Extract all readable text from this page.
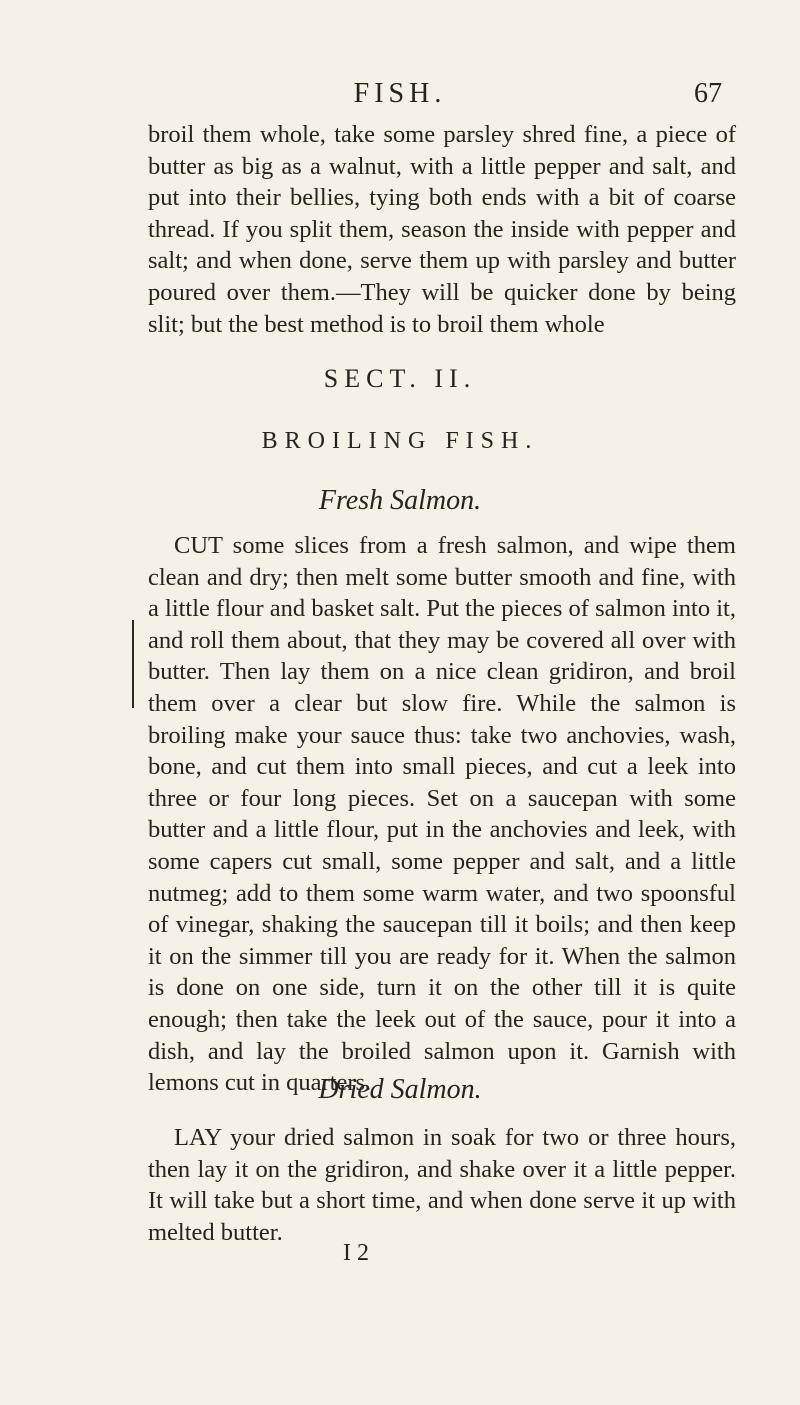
FISH.	67

broil them whole, take some parsley shred fine, a piece of butter as big as a walnut, with a little pepper and salt, and put into their bellies, tying both ends with a bit of coarse thread. If you split them, season the inside with pepper and salt; and when done, serve them up with parsley and butter poured over them.—They will be quicker done by being slit; but the best method is to broil them whole

SECT. II.
BROILING FISH.
Fresh Salmon.

CUT some slices from a fresh salmon, and wipe them clean and dry; then melt some butter smooth and fine, with a little flour and basket salt. Put the pieces of salmon into it, and roll them about, that they may be covered all over with butter. Then lay them on a nice clean gridiron, and broil them over a clear but slow fire. While the salmon is broiling make your sauce thus: take two anchovies, wash, bone, and cut them into small pieces, and cut a leek into three or four long pieces. Set on a saucepan with some butter and a little flour, put in the anchovies and leek, with some capers cut small, some pepper and salt, and a little nutmeg; add to them some warm water, and two spoonsful of vinegar, shaking the saucepan till it boils; and then keep it on the simmer till you are ready for it. When the salmon is done on one side, turn it on the other till it is quite enough; then take the leek out of the sauce, pour it into a dish, and lay the broiled salmon upon it. Garnish with lemons cut in quarters.

Dried Salmon.

LAY your dried salmon in soak for two or three hours, then lay it on the gridiron, and shake over it a little pepper. It will take but a short time, and when done serve it up with melted butter.

I 2
